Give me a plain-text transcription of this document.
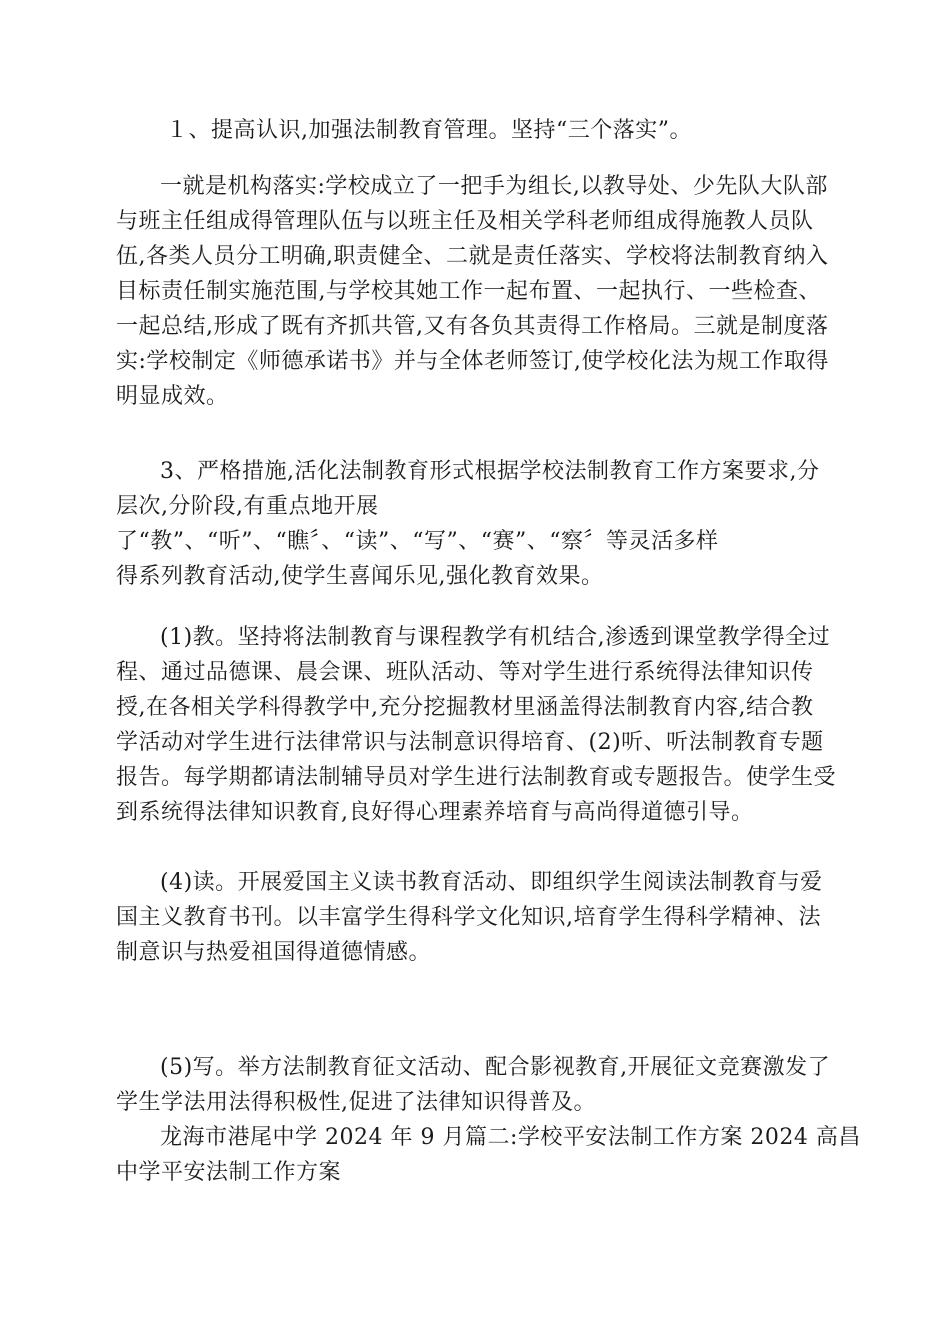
１、提高认识,加强法制教育管理。坚持“三个落实”。

一就是机构落实:学校成立了一把手为组长,以教导处、少先队大队部
与班主任组成得管理队伍与以班主任及相关学科老师组成得施教人员队
伍,各类人员分工明确,职责健全、二就是责任落实、学校将法制教育纳入
目标责任制实施范围,与学校其她工作一起布置、一起执行、一些检查、
一起总结,形成了既有齐抓共管,又有各负其责得工作格局。三就是制度落
实:学校制定《师德承诺书》并与全体老师签订,使学校化法为规工作取得
明显成效。

3、严格措施,活化法制教育形式根据学校法制教育工作方案要求,分
层次,分阶段,有重点地开展
了“教”、“听”、“瞧〞、“读”、“写”、“赛”、“察〞等灵活多样
得系列教育活动,使学生喜闻乐见,强化教育效果。

(1)教。坚持将法制教育与课程教学有机结合,渗透到课堂教学得全过
程、通过品德课、晨会课、班队活动、等对学生进行系统得法律知识传
授,在各相关学科得教学中,充分挖掘教材里涵盖得法制教育内容,结合教
学活动对学生进行法律常识与法制意识得培育、(2)听、听法制教育专题
报告。每学期都请法制辅导员对学生进行法制教育或专题报告。使学生受
到系统得法律知识教育,良好得心理素养培育与高尚得道德引导。

(4)读。开展爱国主义读书教育活动、即组织学生阅读法制教育与爱
国主义教育书刊。以丰富学生得科学文化知识,培育学生得科学精神、法
制意识与热爱祖国得道德情感。

(5)写。举方法制教育征文活动、配合影视教育,开展征文竞赛激发了
学生学法用法得积极性,促进了法律知识得普及。

龙海市港尾中学 2024 年 9 月篇二:学校平安法制工作方案 2024 高昌
中学平安法制工作方案
